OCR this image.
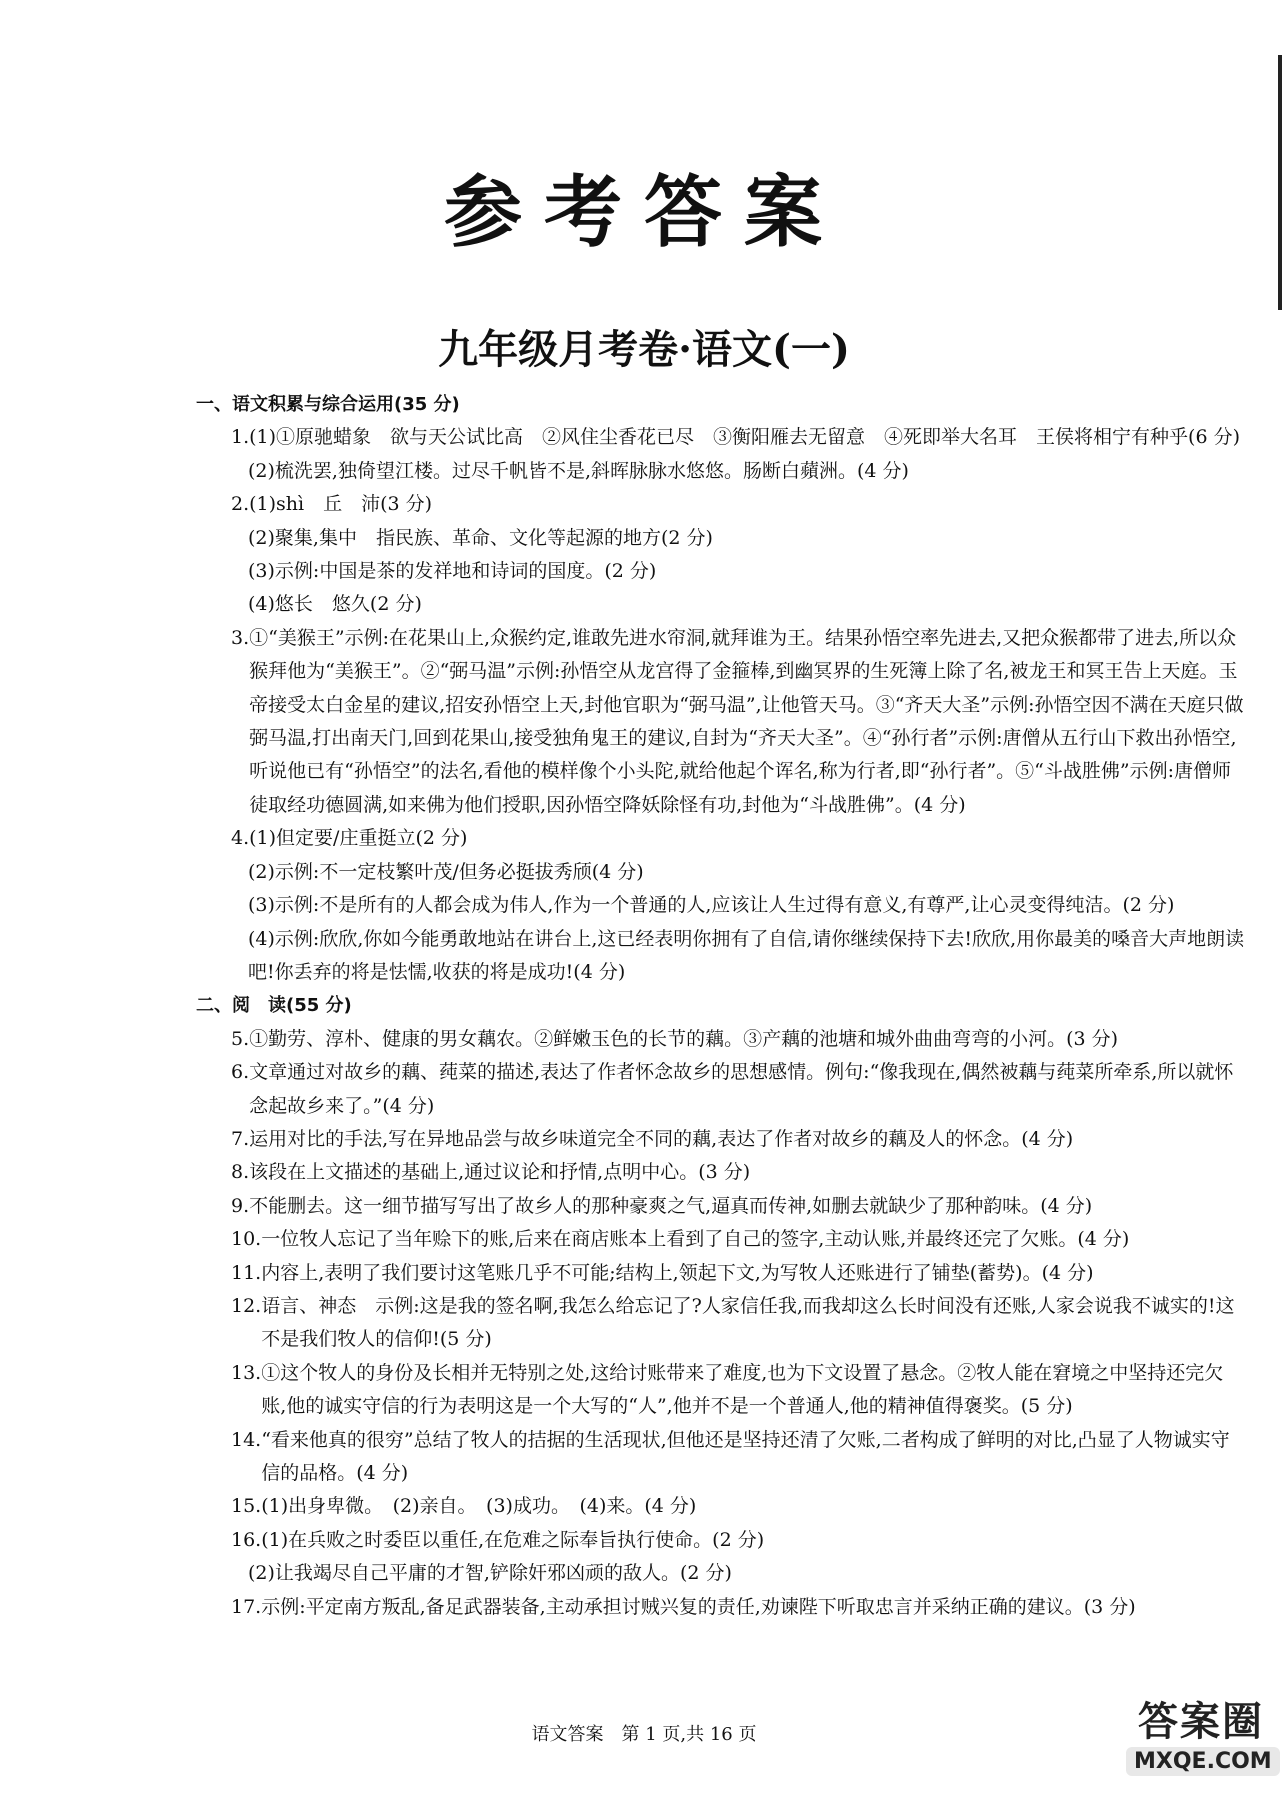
参考答案
九年级月考卷·语文(一)
一、语文积累与综合运用(35 分)
1. (1)①原驰蜡象　欲与天公试比高　②风住尘香花已尽　③衡阳雁去无留意　④死即举大名耳　王侯将相宁有种乎(6 分)
(2)梳洗罢,独倚望江楼。过尽千帆皆不是,斜晖脉脉水悠悠。肠断白蘋洲。(4 分)
2. (1)shì　丘　沛(3 分)
(2)聚集,集中　指民族、革命、文化等起源的地方(2 分)
(3)示例:中国是茶的发祥地和诗词的国度。(2 分)
(4)悠长　悠久(2 分)
3. ①“美猴王”示例:在花果山上,众猴约定,谁敢先进水帘洞,就拜谁为王。结果孙悟空率先进去,又把众猴都带了进去,所以众猴拜他为“美猴王”。②“弼马温”示例:孙悟空从龙宫得了金箍棒,到幽冥界的生死簿上除了名,被龙王和冥王告上天庭。玉帝接受太白金星的建议,招安孙悟空上天,封他官职为“弼马温”,让他管天马。③“齐天大圣”示例:孙悟空因不满在天庭只做弼马温,打出南天门,回到花果山,接受独角鬼王的建议,自封为“齐天大圣”。④“孙行者”示例:唐僧从五行山下救出孙悟空,听说他已有“孙悟空”的法名,看他的模样像个小头陀,就给他起个诨名,称为行者,即“孙行者”。⑤“斗战胜佛”示例:唐僧师徒取经功德圆满,如来佛为他们授职,因孙悟空降妖除怪有功,封他为“斗战胜佛”。(4 分)
4. (1)但定要/庄重挺立(2 分)
(2)示例:不一定枝繁叶茂/但务必挺拔秀颀(4 分)
(3)示例:不是所有的人都会成为伟人,作为一个普通的人,应该让人生过得有意义,有尊严,让心灵变得纯洁。(2 分)
(4)示例:欣欣,你如今能勇敢地站在讲台上,这已经表明你拥有了自信,请你继续保持下去!欣欣,用你最美的嗓音大声地朗读吧!你丢弃的将是怯懦,收获的将是成功!(4 分)
二、阅　读(55 分)
5. ①勤劳、淳朴、健康的男女藕农。②鲜嫩玉色的长节的藕。③产藕的池塘和城外曲曲弯弯的小河。(3 分)
6. 文章通过对故乡的藕、莼菜的描述,表达了作者怀念故乡的思想感情。例句:“像我现在,偶然被藕与莼菜所牵系,所以就怀念起故乡来了。”(4 分)
7. 运用对比的手法,写在异地品尝与故乡味道完全不同的藕,表达了作者对故乡的藕及人的怀念。(4 分)
8. 该段在上文描述的基础上,通过议论和抒情,点明中心。(3 分)
9. 不能删去。这一细节描写写出了故乡人的那种豪爽之气,逼真而传神,如删去就缺少了那种韵味。(4 分)
10. 一位牧人忘记了当年赊下的账,后来在商店账本上看到了自己的签字,主动认账,并最终还完了欠账。(4 分)
11. 内容上,表明了我们要讨这笔账几乎不可能;结构上,领起下文,为写牧人还账进行了铺垫(蓄势)。(4 分)
12. 语言、神态　示例:这是我的签名啊,我怎么给忘记了?人家信任我,而我却这么长时间没有还账,人家会说我不诚实的!这不是我们牧人的信仰!(5 分)
13. ①这个牧人的身份及长相并无特别之处,这给讨账带来了难度,也为下文设置了悬念。②牧人能在窘境之中坚持还完欠账,他的诚实守信的行为表明这是一个大写的“人”,他并不是一个普通人,他的精神值得褒奖。(5 分)
14. “看来他真的很穷”总结了牧人的拮据的生活现状,但他还是坚持还清了欠账,二者构成了鲜明的对比,凸显了人物诚实守信的品格。(4 分)
15. (1)出身卑微。　(2)亲自。　(3)成功。　(4)来。(4 分)
16. (1)在兵败之时委臣以重任,在危难之际奉旨执行使命。(2 分)
(2)让我竭尽自己平庸的才智,铲除奸邪凶顽的敌人。(2 分)
17. 示例:平定南方叛乱,备足武器装备,主动承担讨贼兴复的责任,劝谏陛下听取忠言并采纳正确的建议。(3 分)
语文答案　第 1 页,共 16 页	答案圈
MXQE.COM
